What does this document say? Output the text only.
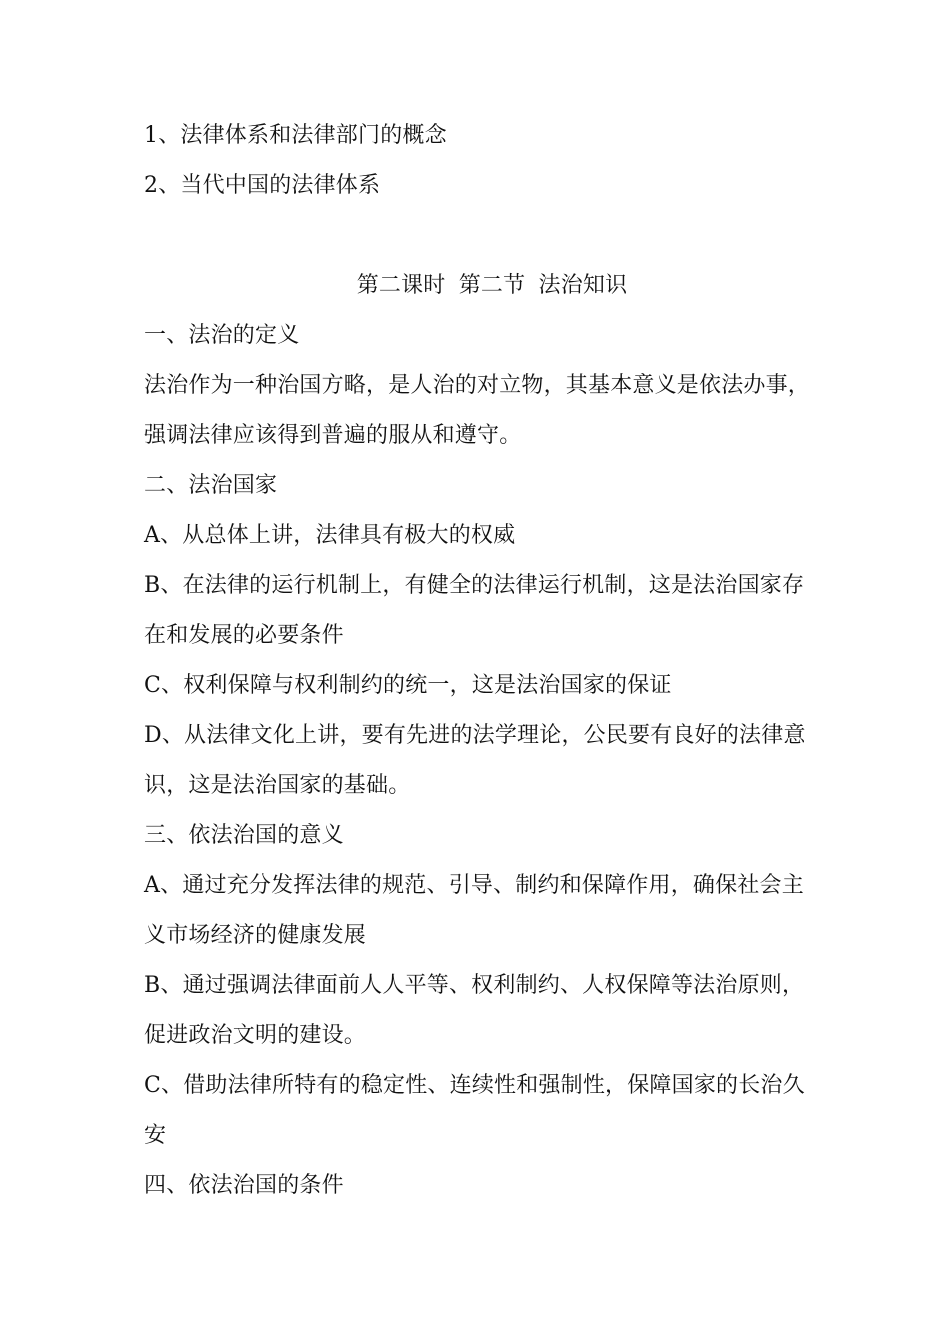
1、法律体系和法律部门的概念
2、当代中国的法律体系
第二课时 第二节 法治知识
一、法治的定义
法治作为一种治国方略，是人治的对立物，其基本意义是依法办事，
强调法律应该得到普遍的服从和遵守。
二、法治国家
A、从总体上讲，法律具有极大的权威
B、在法律的运行机制上，有健全的法律运行机制，这是法治国家存
在和发展的必要条件
C、权利保障与权利制约的统一，这是法治国家的保证
D、从法律文化上讲，要有先进的法学理论，公民要有良好的法律意
识，这是法治国家的基础。
三、依法治国的意义
A、通过充分发挥法律的规范、引导、制约和保障作用，确保社会主
义市场经济的健康发展
B、通过强调法律面前人人平等、权利制约、人权保障等法治原则，
促进政治文明的建设。
C、借助法律所特有的稳定性、连续性和强制性，保障国家的长治久
安
四、依法治国的条件
